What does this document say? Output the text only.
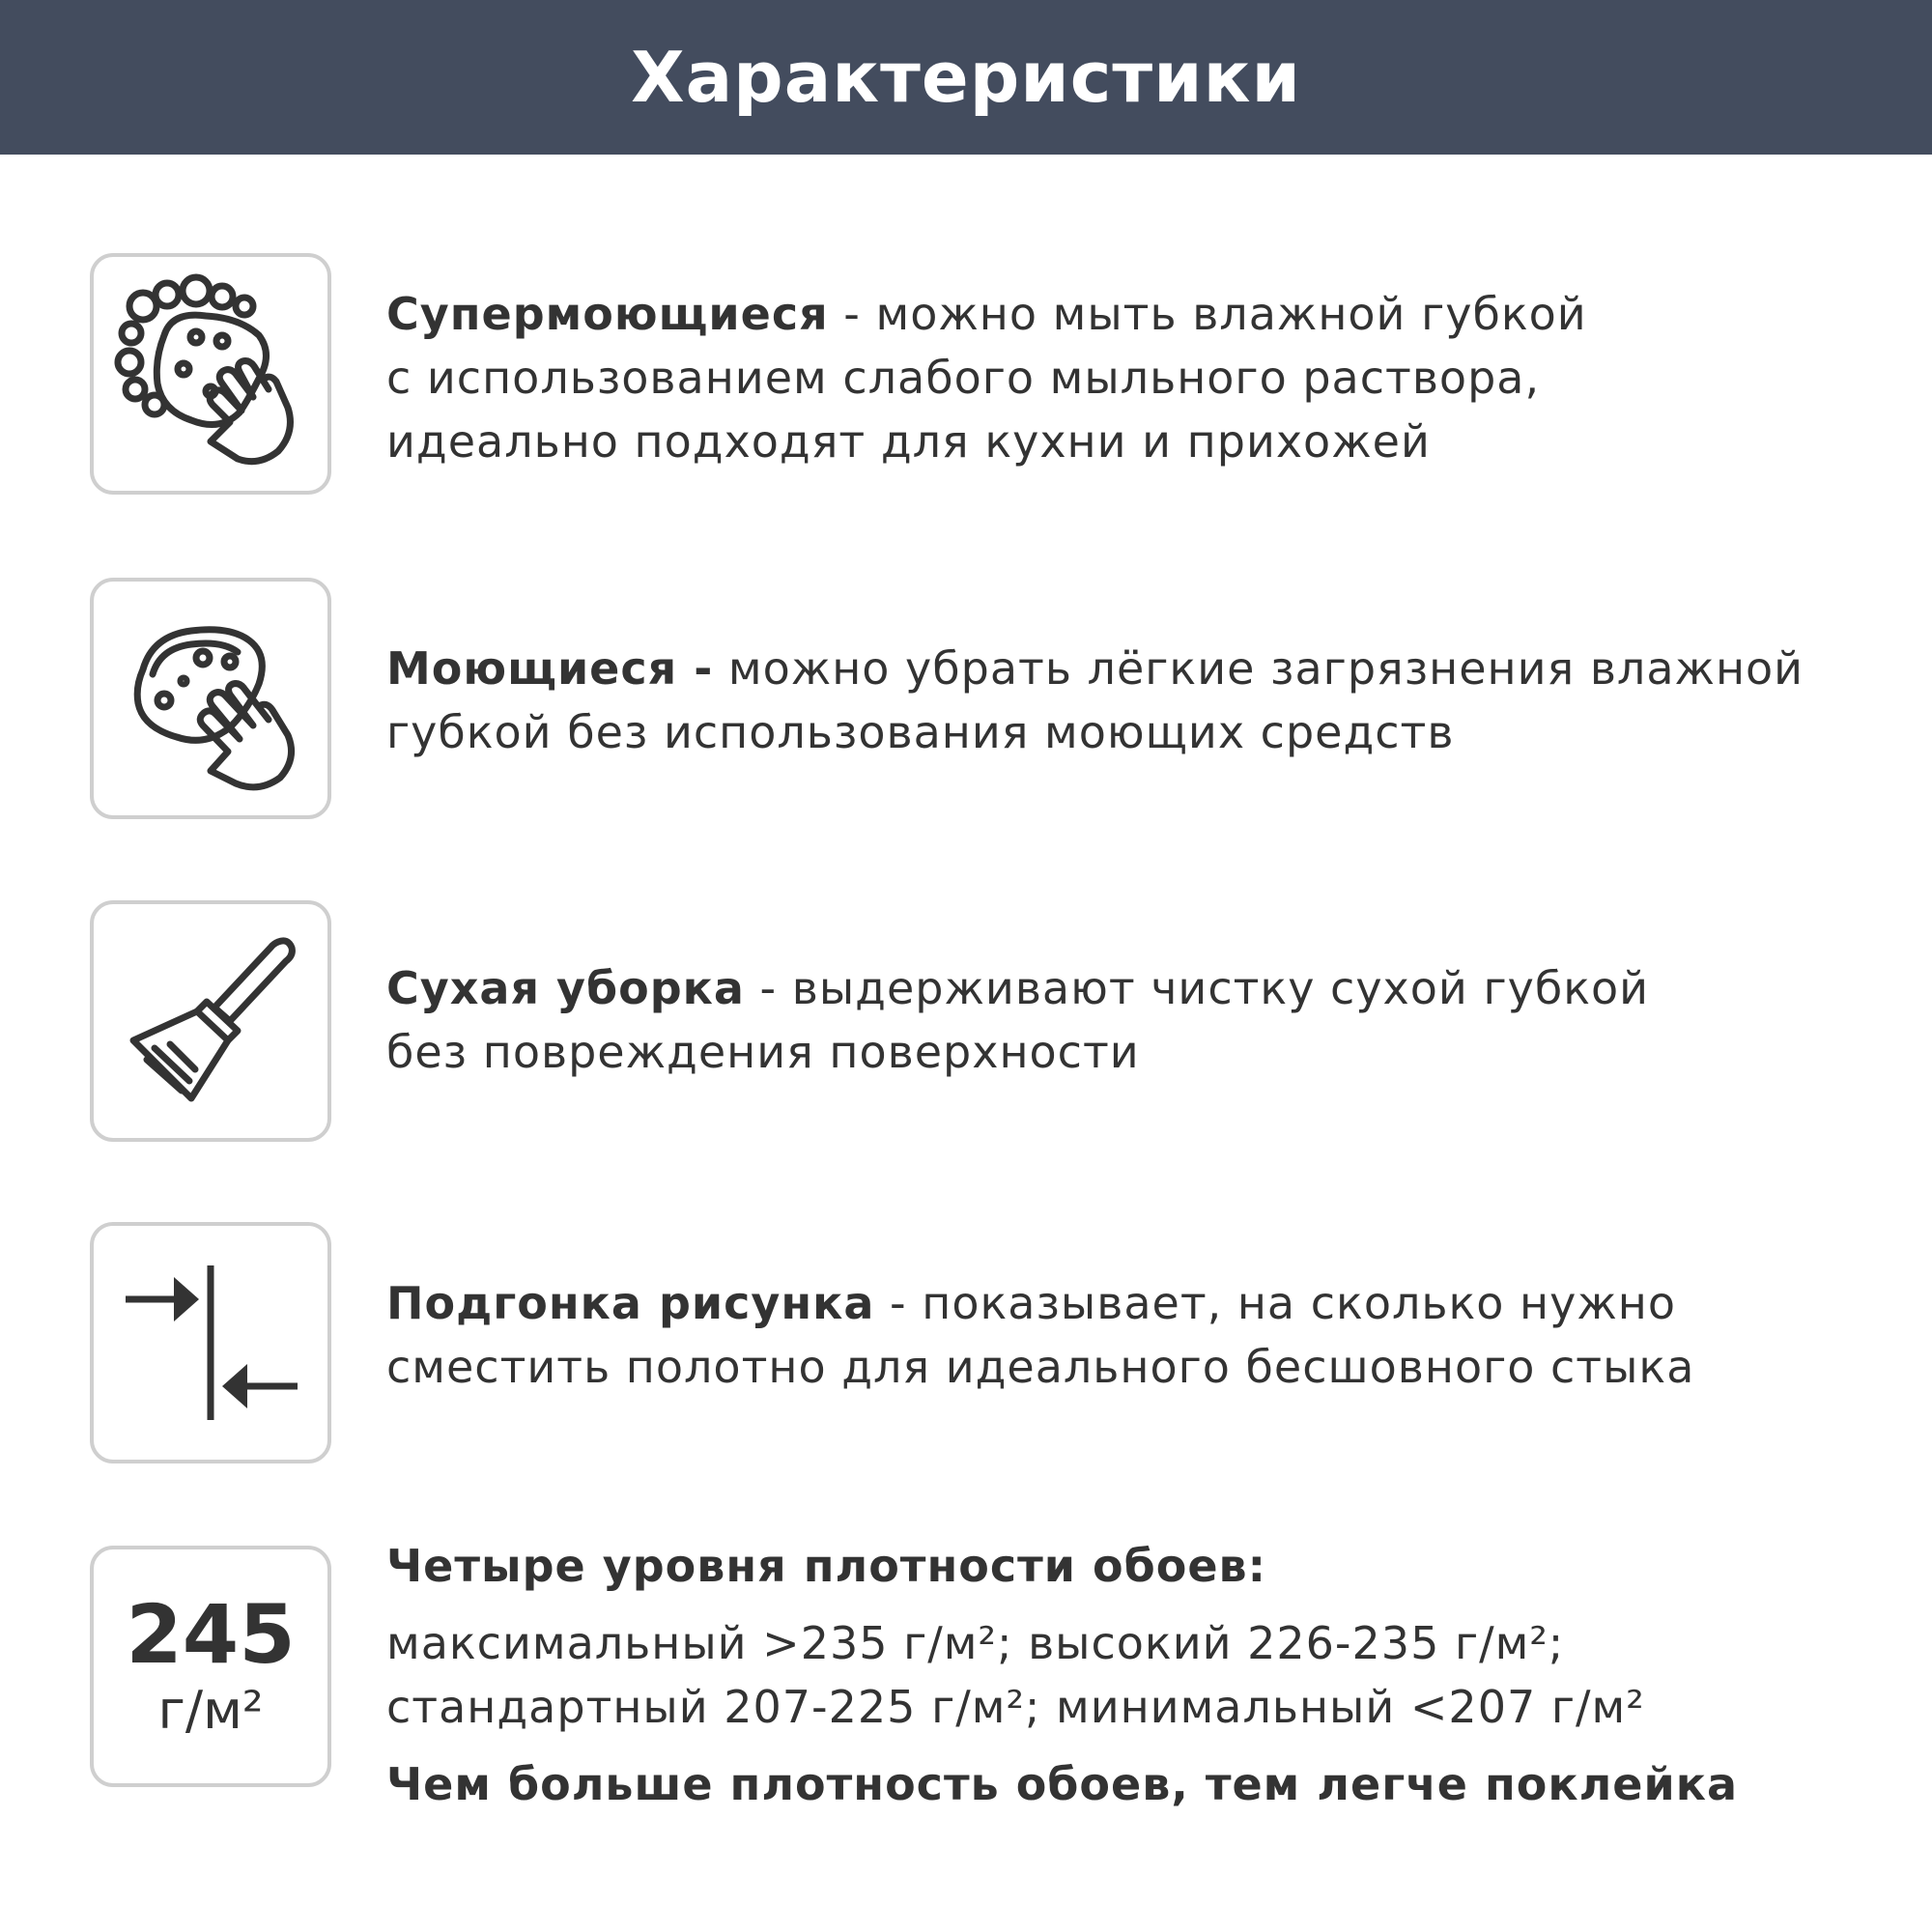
Характеристики
Супермоющиеся - можно мыть влажной губкой
с использованием слабого мыльного раствора,
идеально подходят для кухни и прихожей
Моющиеся - можно убрать лёгкие загрязнения влажной
губкой без использования моющих средств
Сухая уборка - выдерживают чистку сухой губкой
без повреждения поверхности
Подгонка рисунка - показывает, на сколько нужно
сместить полотно для идеального бесшовного стыка
245
г/м²
Четыре уровня плотности обоев:
максимальный >235 г/м²; высокий 226-235 г/м²;
стандартный 207-225 г/м²; минимальный <207 г/м²
Чем больше плотность обоев, тем легче поклейка
